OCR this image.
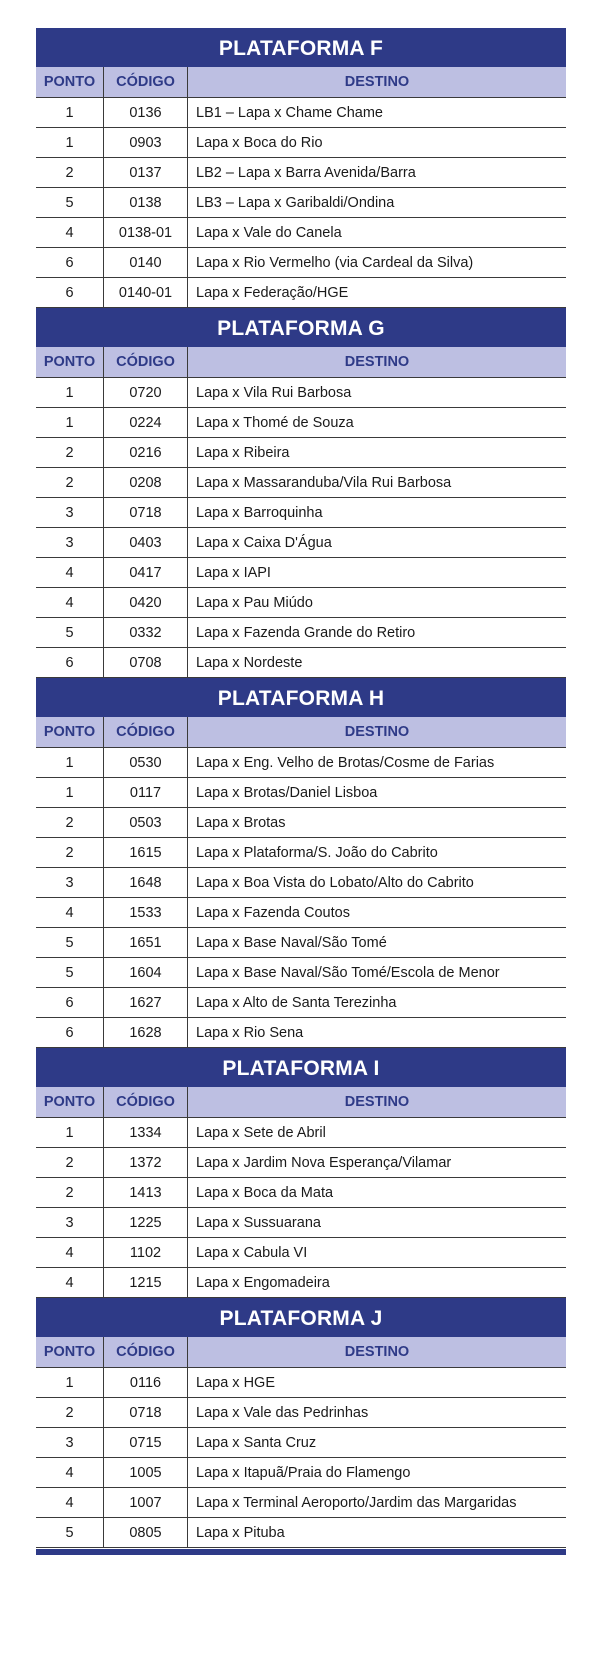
PLATAFORMA F
PONTO	CÓDIGO	DESTINO
1	0136	LB1 – Lapa x Chame Chame
1	0903	Lapa x Boca do Rio
2	0137	LB2 – Lapa x Barra Avenida/Barra
5	0138	LB3 – Lapa x Garibaldi/Ondina
4	0138-01	Lapa x Vale do Canela
6	0140	Lapa x Rio Vermelho (via Cardeal da Silva)
6	0140-01	Lapa x Federação/HGE
PLATAFORMA G
PONTO	CÓDIGO	DESTINO
1	0720	Lapa x Vila Rui Barbosa
1	0224	Lapa x Thomé de Souza
2	0216	Lapa x Ribeira
2	0208	Lapa x Massaranduba/Vila Rui Barbosa
3	0718	Lapa x Barroquinha
3	0403	Lapa x Caixa D'Água
4	0417	Lapa x IAPI
4	0420	Lapa x Pau Miúdo
5	0332	Lapa x Fazenda Grande do Retiro
6	0708	Lapa x Nordeste
PLATAFORMA H
PONTO	CÓDIGO	DESTINO
1	0530	Lapa x Eng. Velho de Brotas/Cosme de Farias
1	0117	Lapa x Brotas/Daniel Lisboa
2	0503	Lapa x Brotas
2	1615	Lapa x Plataforma/S. João do Cabrito
3	1648	Lapa x Boa Vista do Lobato/Alto do Cabrito
4	1533	Lapa x Fazenda Coutos
5	1651	Lapa x Base Naval/São Tomé
5	1604	Lapa x Base Naval/São Tomé/Escola de Menor
6	1627	Lapa x Alto de Santa Terezinha
6	1628	Lapa x Rio Sena
PLATAFORMA I
PONTO	CÓDIGO	DESTINO
1	1334	Lapa x Sete de Abril
2	1372	Lapa x Jardim Nova Esperança/Vilamar
2	1413	Lapa x Boca da Mata
3	1225	Lapa x Sussuarana
4	1102	Lapa x Cabula VI
4	1215	Lapa x Engomadeira
PLATAFORMA J
PONTO	CÓDIGO	DESTINO
1	0116	Lapa x HGE
2	0718	Lapa x Vale das Pedrinhas
3	0715	Lapa x Santa Cruz
4	1005	Lapa x Itapuã/Praia do Flamengo
4	1007	Lapa x Terminal Aeroporto/Jardim das Margaridas
5	0805	Lapa x Pituba
